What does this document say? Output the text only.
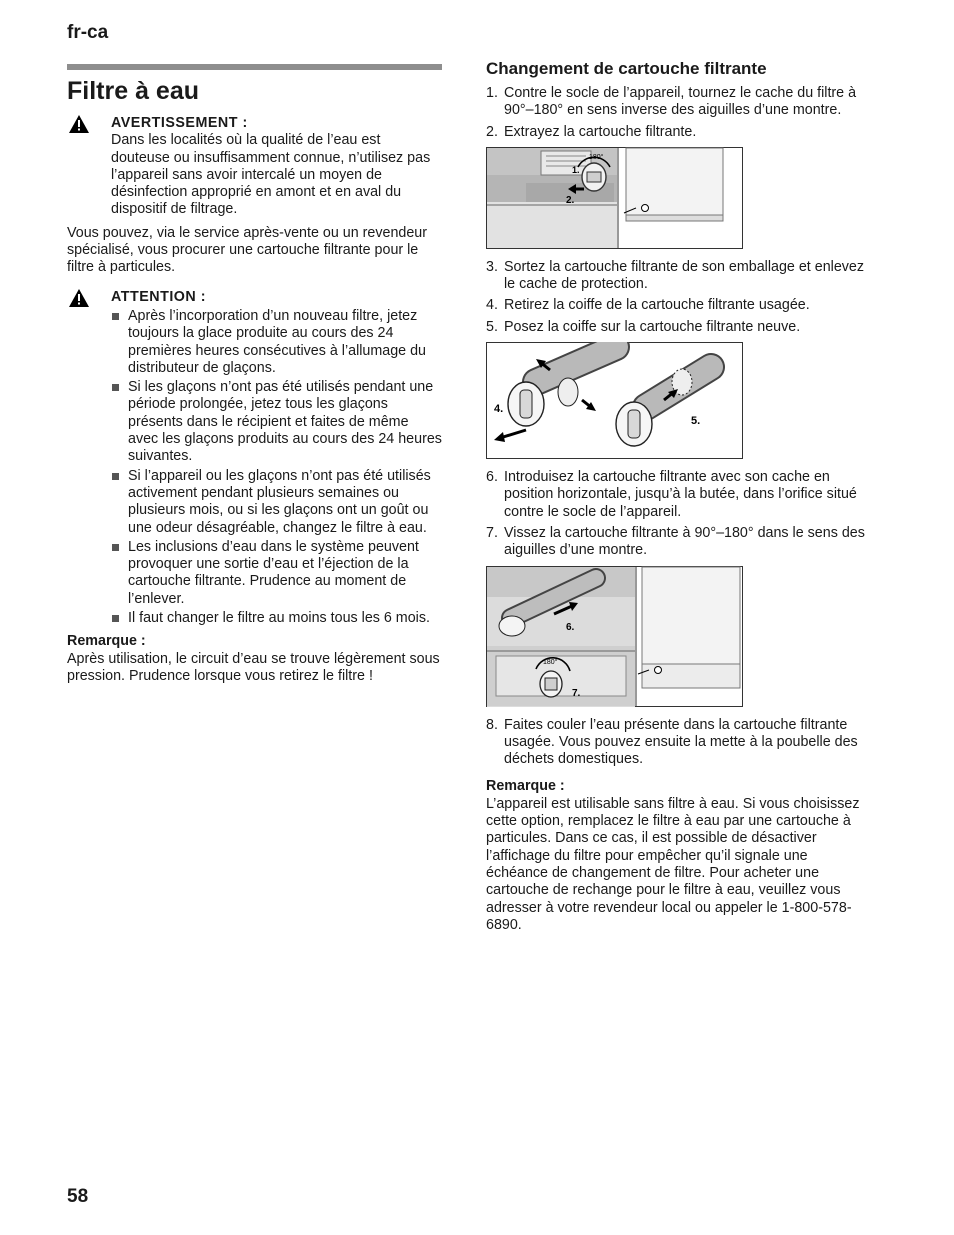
fr-ca
Filtre à eau
AVERTISSEMENT :
Dans les localités où la qualité de l’eau est douteuse ou insuffisamment connue, n’utilisez pas l’appareil sans avoir intercalé un moyen de désinfection approprié en amont et en aval du dispositif de filtrage.

Vous pouvez, via le service après-vente ou un revendeur spécialisé, vous procurer une cartouche filtrante pour le filtre à particules.

ATTENTION :
Après l’incorporation d’un nouveau filtre, jetez toujours la glace produite au cours des 24 premières heures consécutives à l’allumage du distributeur de glaçons.
Si les glaçons n’ont pas été utilisés pendant une période prolongée, jetez tous les glaçons présents dans le récipient et faites de même avec les glaçons produits au cours des 24 heures suivantes.
Si l’appareil ou les glaçons n’ont pas été utilisés activement pendant plusieurs semaines ou plusieurs mois, ou si les glaçons ont un goût ou une odeur désagréable, changez le filtre à eau.
Les inclusions d’eau dans le système peuvent provoquer une sortie d’eau et l’éjection de la cartouche filtrante. Prudence au moment de l’enlever.
Il faut changer le filtre au moins tous les 6 mois.
Remarque :

Après utilisation, le circuit d’eau se trouve légèrement sous pression. Prudence lorsque vous retirez le filtre !

Changement de cartouche filtrante
1. Contre le socle de l’appareil, tournez le cache du filtre à 90°–180° en sens inverse des aiguilles d’une montre.
2. Extrayez la cartouche filtrante.
180°
1.
2.
3. Sortez la cartouche filtrante de son emballage et enlevez le cache de protection.
4. Retirez la coiffe de la cartouche filtrante usagée.
5. Posez la coiffe sur la cartouche filtrante neuve.
4.
5.
6. Introduisez la cartouche filtrante avec son cache en position horizontale, jusqu’à la butée, dans l’orifice situé contre le socle de l’appareil.
7. Vissez la cartouche filtrante à 90°–180° dans le sens des aiguilles d’une montre.
6.
180°
7.
8. Faites couler l’eau présente dans la cartouche filtrante usagée. Vous pouvez ensuite la mette à la poubelle des déchets domestiques.
Remarque :

L’appareil est utilisable sans filtre à eau. Si vous choisissez cette option, remplacez le filtre à eau par une cartouche à particules. Dans ce cas, il est possible de désactiver l’affichage du filtre pour empêcher qu’il signale une échéance de changement de filtre. Pour acheter une cartouche de rechange pour le filtre à eau, veuillez vous adresser à votre revendeur local ou appeler le 1-800-578-6890.

58
